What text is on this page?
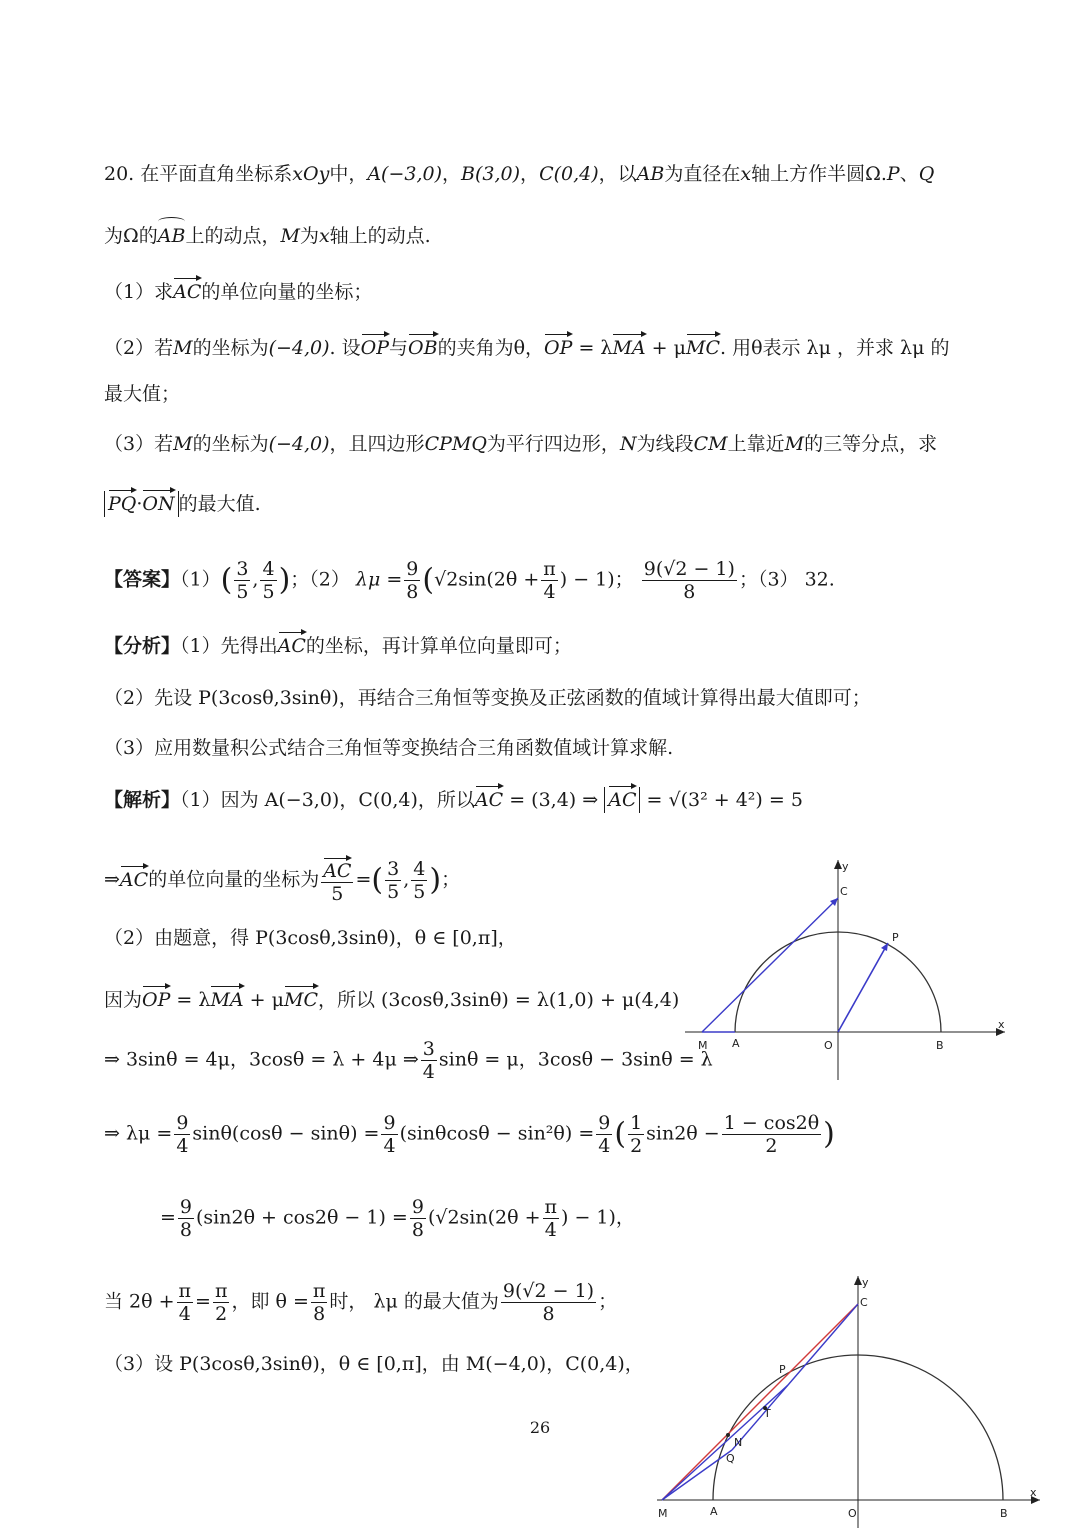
20. 在平面直角坐标系xOy中，A(−3,0)，B(3,0)，C(0,4)，以AB为直径在x轴上方作半圆Ω.P、Q
为Ω的AB上的动点，M为x轴上的动点.
（1）求AC的单位向量的坐标；
（2）若M的坐标为(−4,0). 设OP与OB的夹角为θ，OP = λMA + μMC. 用θ表示 λμ ，并求 λμ 的
最大值；
（3）若M的坐标为(−4,0)，且四边形CPMQ为平行四边形，N为线段CM上靠近M的三等分点，求
PQ·ON 的最大值.
【答案】$(1)( \frac{3}{5}$ , $\frac{4}{5}$ )；（2） $\lambda\mu = \frac{9}{8} (√2\sin(2\theta + \frac{\pi}{4}$ ) − 1)； $\frac{9(√2 - 1)}{8}$ ；（3） 32.
【分析】（1）先得出AC的坐标，再计算单位向量即可；
（2）先设 P(3cosθ,3sinθ)，再结合三角恒等变换及正弦函数的值域计算得出最大值即可；
（3）应用数量积公式结合三角恒等变换结合三角函数值域计算求解.
【解析】（1）因为 A(−3,0)，C(0,4)，所以AC = (3,4) ⇒ AC = √(3² + 4²) = 5
⇒AC的单位向量的坐标为 $\frac{AC}{5}$ =( $\frac{3}{5}$ , $\frac{4}{5}$ )；
（2）由题意，得 P(3cosθ,3sinθ)，θ ∈ [0,π]，
因为OP = λMA + μMC，所以 (3cosθ,3sinθ) = λ(1,0) + μ(4,4)
⇒ 3sinθ = 4μ，3cosθ = λ + 4μ ⇒ $\frac{3}{4}$ sinθ = μ，3cosθ − 3sinθ = λ
⇒ $\lambda\mu = \frac{9}{4} \sin\theta(\cos\theta - \sin\theta) = \frac{9}{4} (\sin\theta\cos\theta - \sin^2\theta) = \frac{9}{4}$ ( $\frac{1}{2} \sin 2\theta - \frac{1 - \cos 2\theta}{2}$ )
= $\frac{9}{8} (\sin 2\theta + \cos 2\theta - 1) = \frac{9}{8} (√2\sin(2\theta + \frac{\pi}{4}$ ) − 1)，
当 $2\theta + \frac{\pi}{4} = \frac{\pi}{2}$ ，即 $\theta = \frac{\pi}{8}$ 时， λμ 的最大值为 $\frac{9(√2 - 1)}{8}$ ；
（3）设 P(3cosθ,3sinθ)，θ ∈ [0,π]，由 M(−4,0)，C(0,4)，
26
y
C
P
x
M A	O	B
y
C
P
T
N
Q
M	A	O	B
x
